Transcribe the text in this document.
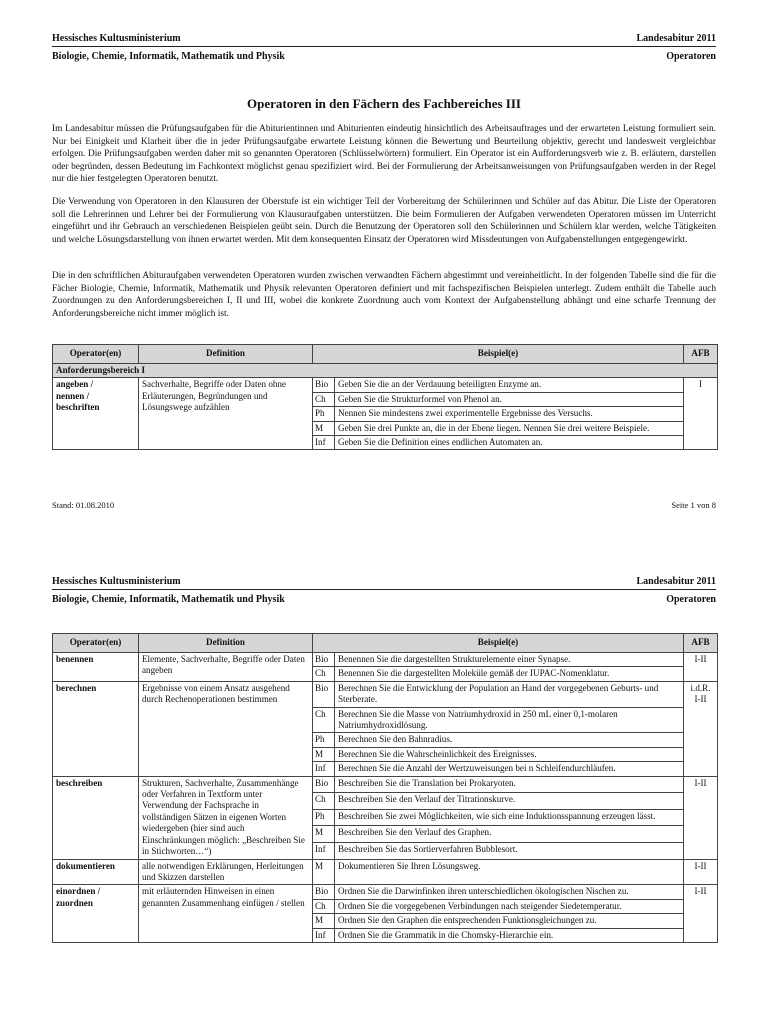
Hessisches Kultusministerium	Landesabitur 2011
Biologie, Chemie, Informatik, Mathematik und Physik	Operatoren
Operatoren in den Fächern des Fachbereiches III

Im Landesabitur müssen die Prüfungsaufgaben für die Abiturientinnen und Abiturienten eindeutig hinsichtlich des Arbeitsauftrages und der erwarteten Leistung formuliert sein. Nur bei Einigkeit und Klarheit über die in jeder Prüfungsaufgabe erwartete Leistung können die Bewertung und Beurteilung objektiv, gerecht und landesweit vergleichbar erfolgen. Die Prüfungsaufgaben werden daher mit so genannten Operatoren (Schlüsselwörtern) formuliert. Ein Operator ist ein Aufforderungsverb wie z. B. erläutern, darstellen oder begründen, dessen Bedeutung im Fachkontext möglichst genau spezifiziert wird. Bei der Formulierung der Arbeitsanweisungen von Prüfungsaufgaben werden in der Regel nur die hier festgelegten Operatoren benutzt.

Die Verwendung von Operatoren in den Klausuren der Oberstufe ist ein wichtiger Teil der Vorbereitung der Schülerinnen und Schüler auf das Abitur. Die Liste der Operatoren soll die Lehrerinnen und Lehrer bei der Formulierung von Klausuraufgaben unterstützen. Die beim Formulieren der Aufgaben verwendeten Operatoren müssen im Unterricht eingeführt und ihr Gebrauch an verschiedenen Beispielen geübt sein. Durch die Benutzung der Operatoren soll den Schülerinnen und Schülern klar werden, welche Tätigkeiten und welche Lösungsdarstellung von ihnen erwartet werden. Mit dem konsequenten Einsatz der Operatoren wird Missdeutungen von Aufgabenstellungen entgegengewirkt.

Die in den schriftlichen Abituraufgaben verwendeten Operatoren wurden zwischen verwandten Fächern abgestimmt und vereinheitlicht. In der folgenden Tabelle sind die für die Fächer Biologie, Chemie, Informatik, Mathematik und Physik relevanten Operatoren definiert und mit fachspezifischen Beispielen unterlegt. Zudem enthält die Tabelle auch Zuordnungen zu den Anforderungsbereichen I, II und III, wobei die konkrete Zuordnung auch vom Kontext der Aufgabenstellung abhängt und eine scharfe Trennung der Anforderungsbereiche nicht immer möglich ist.

Operator(en)	Definition	Beispiel(e)		AFB
Anforderungsbereich I				
angeben /
nennen /
beschriften	Sachverhalte, Begriffe oder Daten ohne Erläuterungen, Begründungen und Lösungswege aufzählen	Bio	Geben Sie die an der Verdauung beteiligten Enzyme an.	I
		Ch	Geben Sie die Strukturformel von Phenol an.	
		Ph	Nennen Sie mindestens zwei experimentelle Ergebnisse des Versuchs.	
		M	Geben Sie drei Punkte an, die in der Ebene liegen. Nennen Sie drei weitere Beispiele.	
		Inf	Geben Sie die Definition eines endlichen Automaten an.	
Stand: 01.08.2010	Seite 1 von 8
Hessisches Kultusministerium	Landesabitur 2011
Biologie, Chemie, Informatik, Mathematik und Physik	Operatoren
Operator(en)	Definition	Beispiel(e)		AFB
benennen	Elemente, Sachverhalte, Begriffe oder Daten angeben	Bio	Benennen Sie die dargestellten Strukturelemente einer Synapse.	I-II
		Ch	Benennen Sie die dargestellten Moleküle gemäß der IUPAC-Nomenklatur.	
berechnen	Ergebnisse von einem Ansatz ausgehend durch Rechenoperationen bestimmen	Bio	Berechnen Sie die Entwicklung der Population an Hand der vorgegebenen Geburts- und Sterberate.	i.d.R.
I-II
		Ch	Berechnen Sie die Masse von Natriumhydroxid in 250 mL einer 0,1-molaren Natriumhydroxidlösung.	
		Ph	Berechnen Sie den Bahnradius.	
		M	Berechnen Sie die Wahrscheinlichkeit des Ereignisses.	
		Inf	Berechnen Sie die Anzahl der Wertzuweisungen bei n Schleifendurchläufen.	
beschreiben	Strukturen, Sachverhalte, Zusammenhänge oder Verfahren in Textform unter Verwendung der Fachsprache in vollständigen Sätzen in eigenen Worten wiedergeben (hier sind auch Einschränkungen möglich: „Beschreiben Sie in Stichworten…“)	Bio	Beschreiben Sie die Translation bei Prokaryoten.	I-II
		Ch	Beschreiben Sie den Verlauf der Titrationskurve.	
		Ph	Beschreiben Sie zwei Möglichkeiten, wie sich eine Induktionsspannung erzeugen lässt.	
		M	Beschreiben Sie den Verlauf des Graphen.	
		Inf	Beschreiben Sie das Sortierverfahren Bubblesort.	
dokumentieren	alle notwendigen Erklärungen, Herleitungen und Skizzen darstellen	M	Dokumentieren Sie Ihren Lösungsweg.	I-II
einordnen /
zuordnen	mit erläuternden Hinweisen in einen genannten Zusammenhang einfügen / stellen	Bio	Ordnen Sie die Darwinfinken ihren unterschiedlichen ökologischen Nischen zu.	I-II
		Ch	Ordnen Sie die vorgegebenen Verbindungen nach steigender Siedetemperatur.	
		M	Ordnen Sie den Graphen die entsprechenden Funktionsgleichungen zu.	
		Inf	Ordnen Sie die Grammatik in die Chomsky-Hierarchie ein.	
